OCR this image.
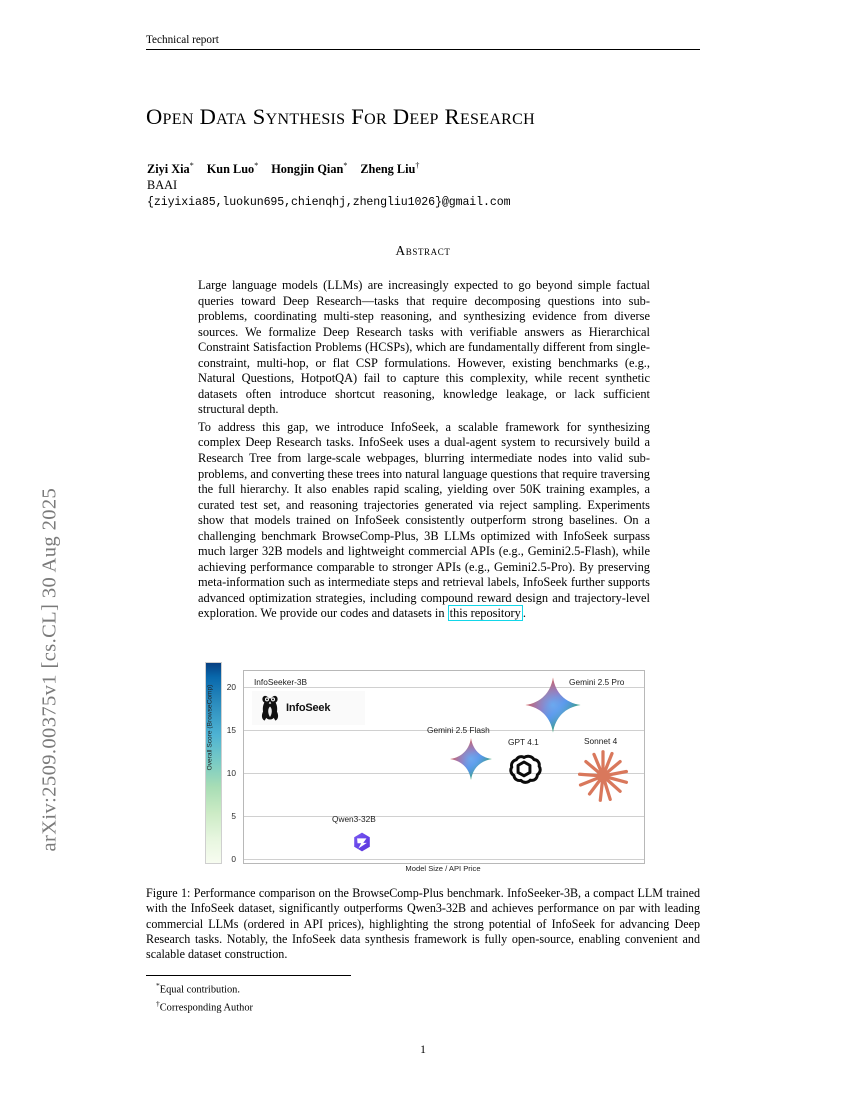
arXiv:2509.00375v1 [cs.CL] 30 Aug 2025
Technical report
Open Data Synthesis For Deep Research
Ziyi Xia* Kun Luo* Hongjin Qian* Zheng Liu†
BAAI
{ziyixia85,luokun695,chienqhj,zhengliu1026}@gmail.com
Abstract

Large language models (LLMs) are increasingly expected to go beyond simple factual queries toward Deep Research—tasks that require decomposing questions into sub-problems, coordinating multi-step reasoning, and synthesizing evidence from diverse sources. We formalize Deep Research tasks with verifiable answers as Hierarchical Constraint Satisfaction Problems (HCSPs), which are fundamentally different from single-constraint, multi-hop, or flat CSP formulations. However, existing benchmarks (e.g., Natural Questions, HotpotQA) fail to capture this complexity, while recent synthetic datasets often introduce shortcut reasoning, knowledge leakage, or lack sufficient structural depth.

To address this gap, we introduce InfoSeek, a scalable framework for synthesizing complex Deep Research tasks. InfoSeek uses a dual-agent system to recursively build a Research Tree from large-scale webpages, blurring intermediate nodes into valid sub-problems, and converting these trees into natural language questions that require traversing the full hierarchy. It also enables rapid scaling, yielding over 50K training examples, a curated test set, and reasoning trajectories generated via reject sampling. Experiments show that models trained on InfoSeek consistently outperform strong baselines. On a challenging benchmark BrowseComp-Plus, 3B LLMs optimized with InfoSeek surpass much larger 32B models and lightweight commercial APIs (e.g., Gemini2.5-Flash), while achieving performance comparable to stronger APIs (e.g., Gemini2.5-Pro). By preserving meta-information such as intermediate steps and retrieval labels, InfoSeek further supports advanced optimization strategies, including compound reward design and trajectory-level exploration. We provide our codes and datasets in this repository .

Overall Score (BrowseComp)	20
15
10
5
0
InfoSeeker-3B
InfoSeek
Qwen3-32B
Gemini 2.5 Flash
GPT 4.1
Gemini 2.5 Pro
Sonnet 4
Model Size / API Price
Figure 1: Performance comparison on the BrowseComp-Plus benchmark. InfoSeeker-3B, a compact LLM trained with the InfoSeek dataset, significantly outperforms Qwen3-32B and achieves performance on par with leading commercial LLMs (ordered in API prices), highlighting the strong potential of InfoSeek for advancing Deep Research tasks. Notably, the InfoSeek data synthesis framework is fully open-source, enabling convenient and scalable dataset construction.
*Equal contribution.
†Corresponding Author
1
